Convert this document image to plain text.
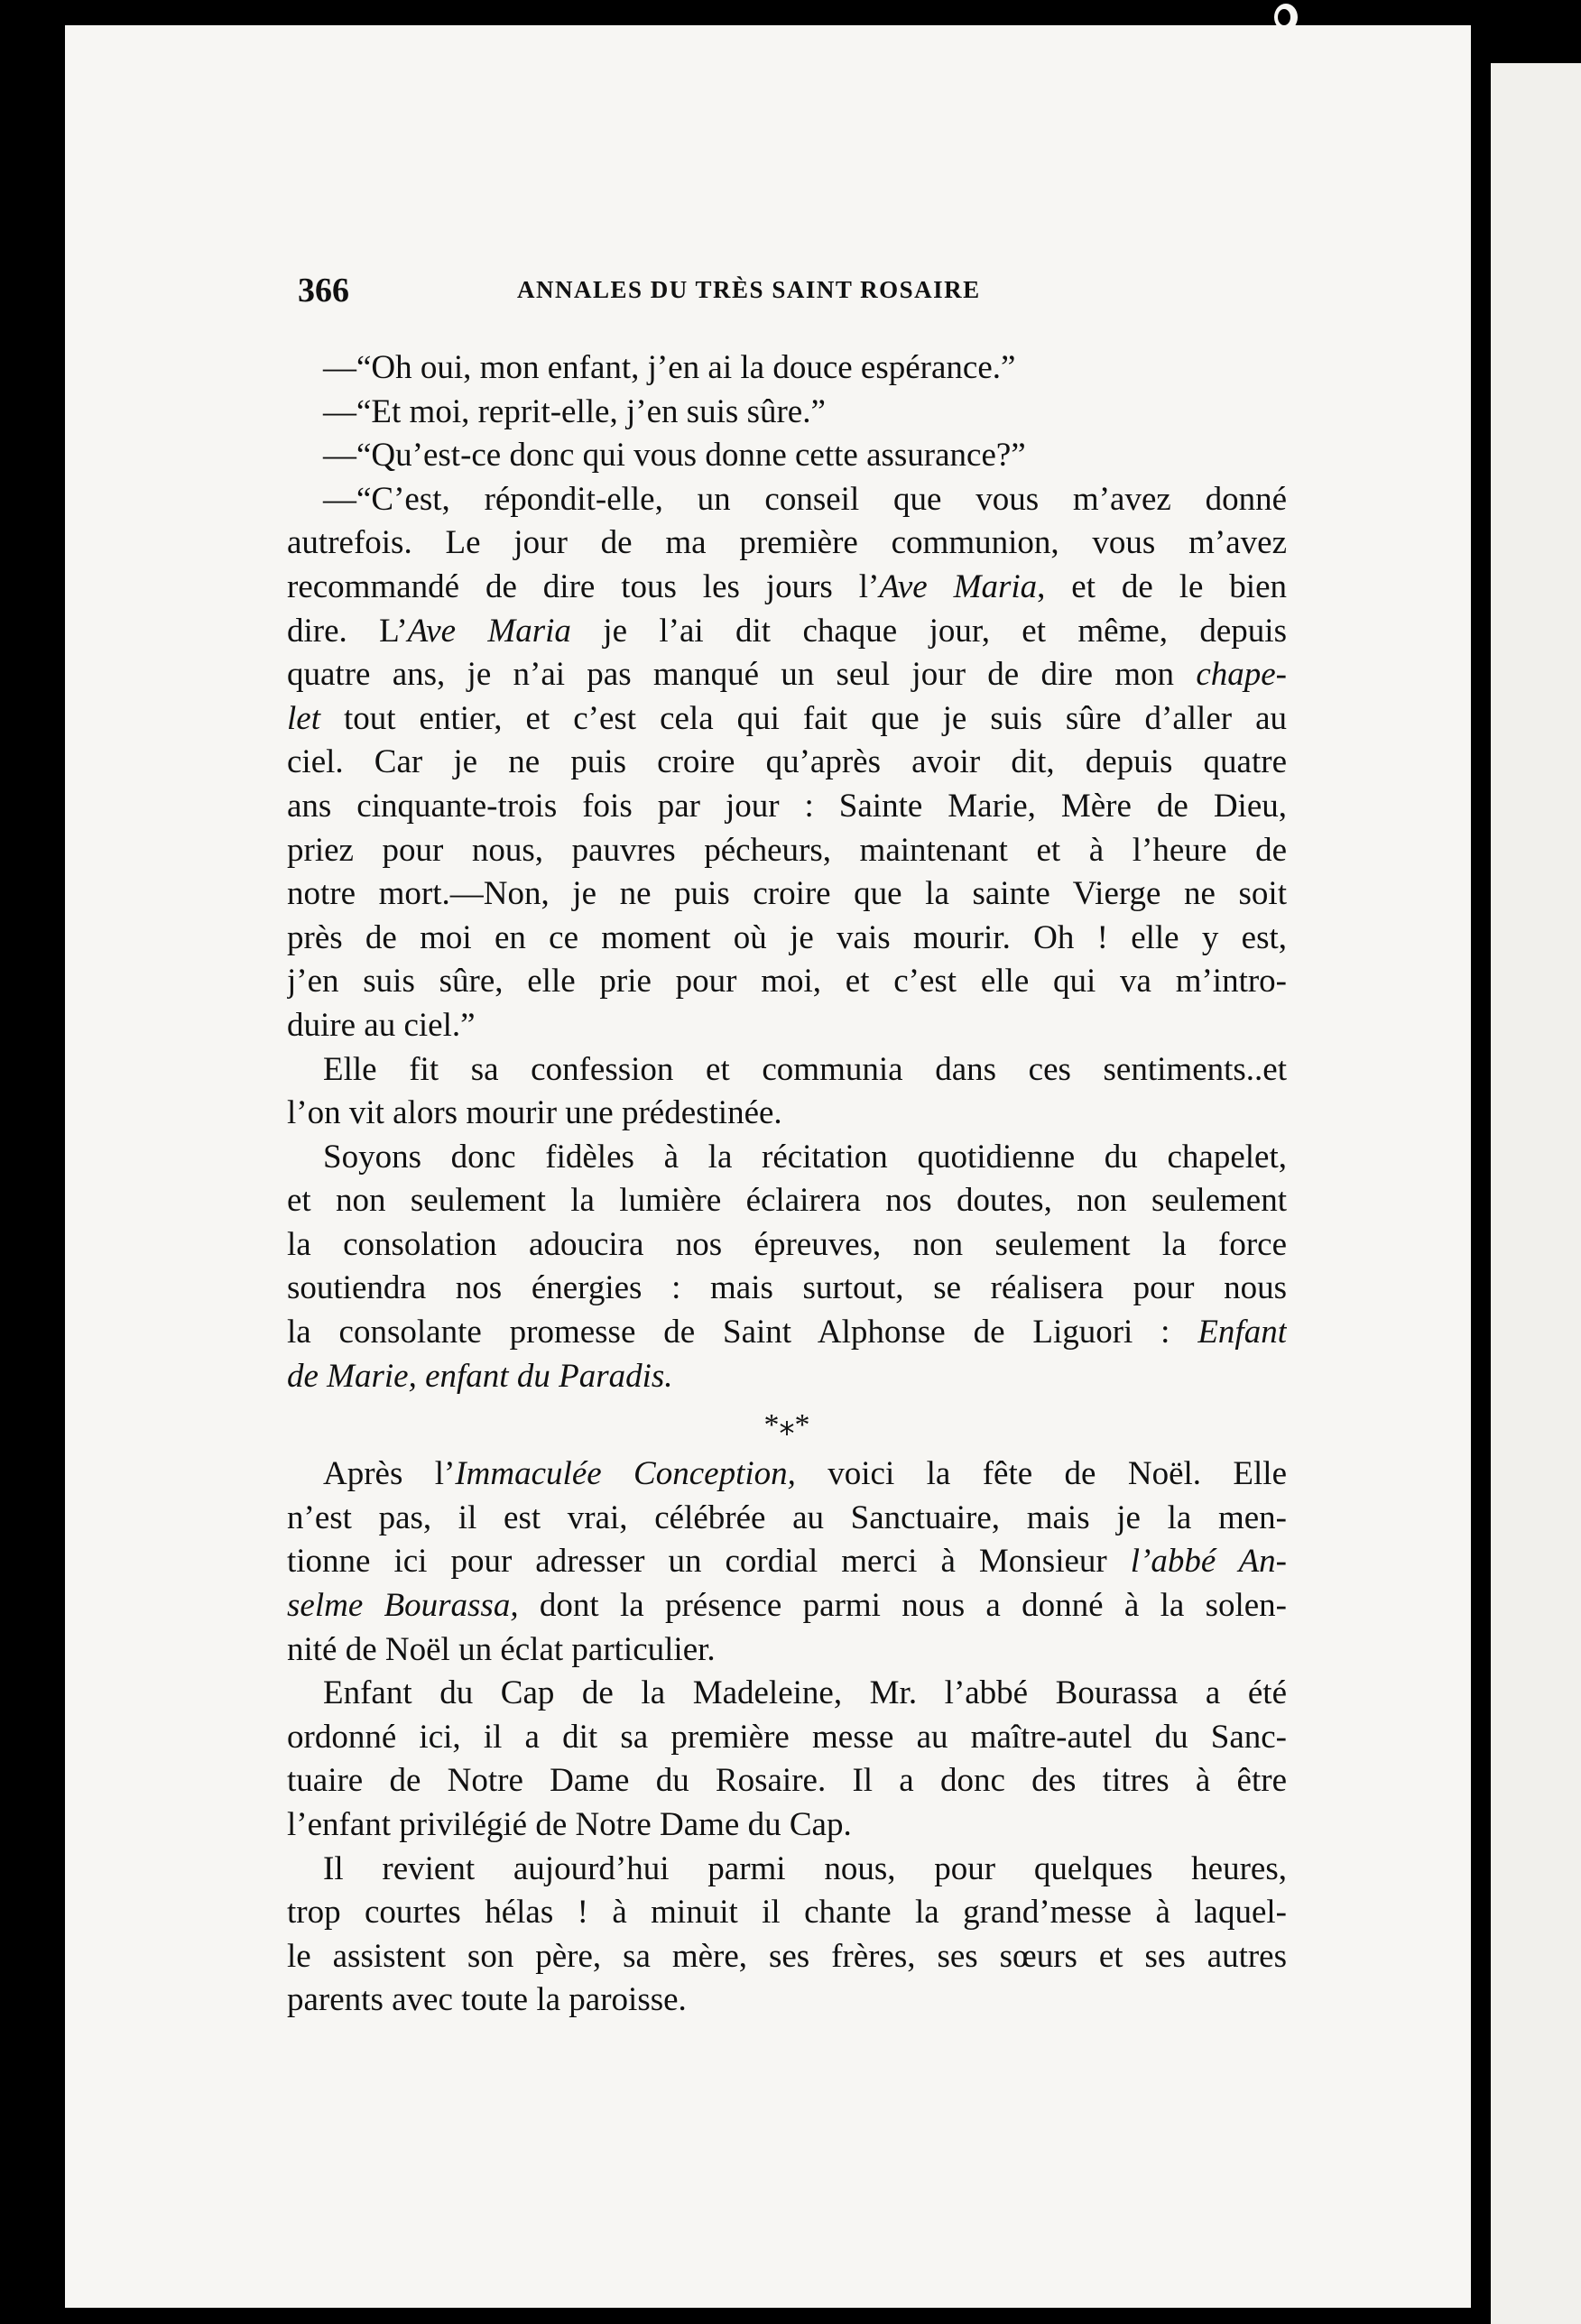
366	ANNALES DU TRÈS SAINT ROSAIRE
—“Oh oui, mon enfant, j’en ai la douce espérance.”
—“Et moi, reprit-elle, j’en suis sûre.”
—“Qu’est-ce donc qui vous donne cette assurance?”
—“C’est, répondit-elle, un conseil que vous m’avez donné
autrefois. Le jour de ma première communion, vous m’avez
recommandé de dire tous les jours l’Ave Maria, et de le bien
dire. L’Ave Maria je l’ai dit chaque jour, et même, depuis
quatre ans, je n’ai pas manqué un seul jour de dire mon chape-
let tout entier, et c’est cela qui fait que je suis sûre d’aller au
ciel. Car je ne puis croire qu’après avoir dit, depuis quatre
ans cinquante-trois fois par jour : Sainte Marie, Mère de Dieu,
priez pour nous, pauvres pécheurs, maintenant et à l’heure de
notre mort.—Non, je ne puis croire que la sainte Vierge ne soit
près de moi en ce moment où je vais mourir. Oh ! elle y est,
j’en suis sûre, elle prie pour moi, et c’est elle qui va m’intro-
duire au ciel.”
Elle fit sa confession et communia dans ces sentiments..et
l’on vit alors mourir une prédestinée.
Soyons donc fidèles à la récitation quotidienne du chapelet,
et non seulement la lumière éclairera nos doutes, non seulement
la consolation adoucira nos épreuves, non seulement la force
soutiendra nos énergies : mais surtout, se réalisera pour nous
la consolante promesse de Saint Alphonse de Liguori : Enfant
de Marie, enfant du Paradis.
*⁎*
Après l’Immaculée Conception, voici la fête de Noël. Elle
n’est pas, il est vrai, célébrée au Sanctuaire, mais je la men-
tionne ici pour adresser un cordial merci à Monsieur l’abbé An-
selme Bourassa, dont la présence parmi nous a donné à la solen-
nité de Noël un éclat particulier.
Enfant du Cap de la Madeleine, Mr. l’abbé Bourassa a été
ordonné ici, il a dit sa première messe au maître-autel du Sanc-
tuaire de Notre Dame du Rosaire. Il a donc des titres à être
l’enfant privilégié de Notre Dame du Cap.
Il revient aujourd’hui parmi nous, pour quelques heures,
trop courtes hélas ! à minuit il chante la grand’messe à laquel-
le assistent son père, sa mère, ses frères, ses sœurs et ses autres
parents avec toute la paroisse.
